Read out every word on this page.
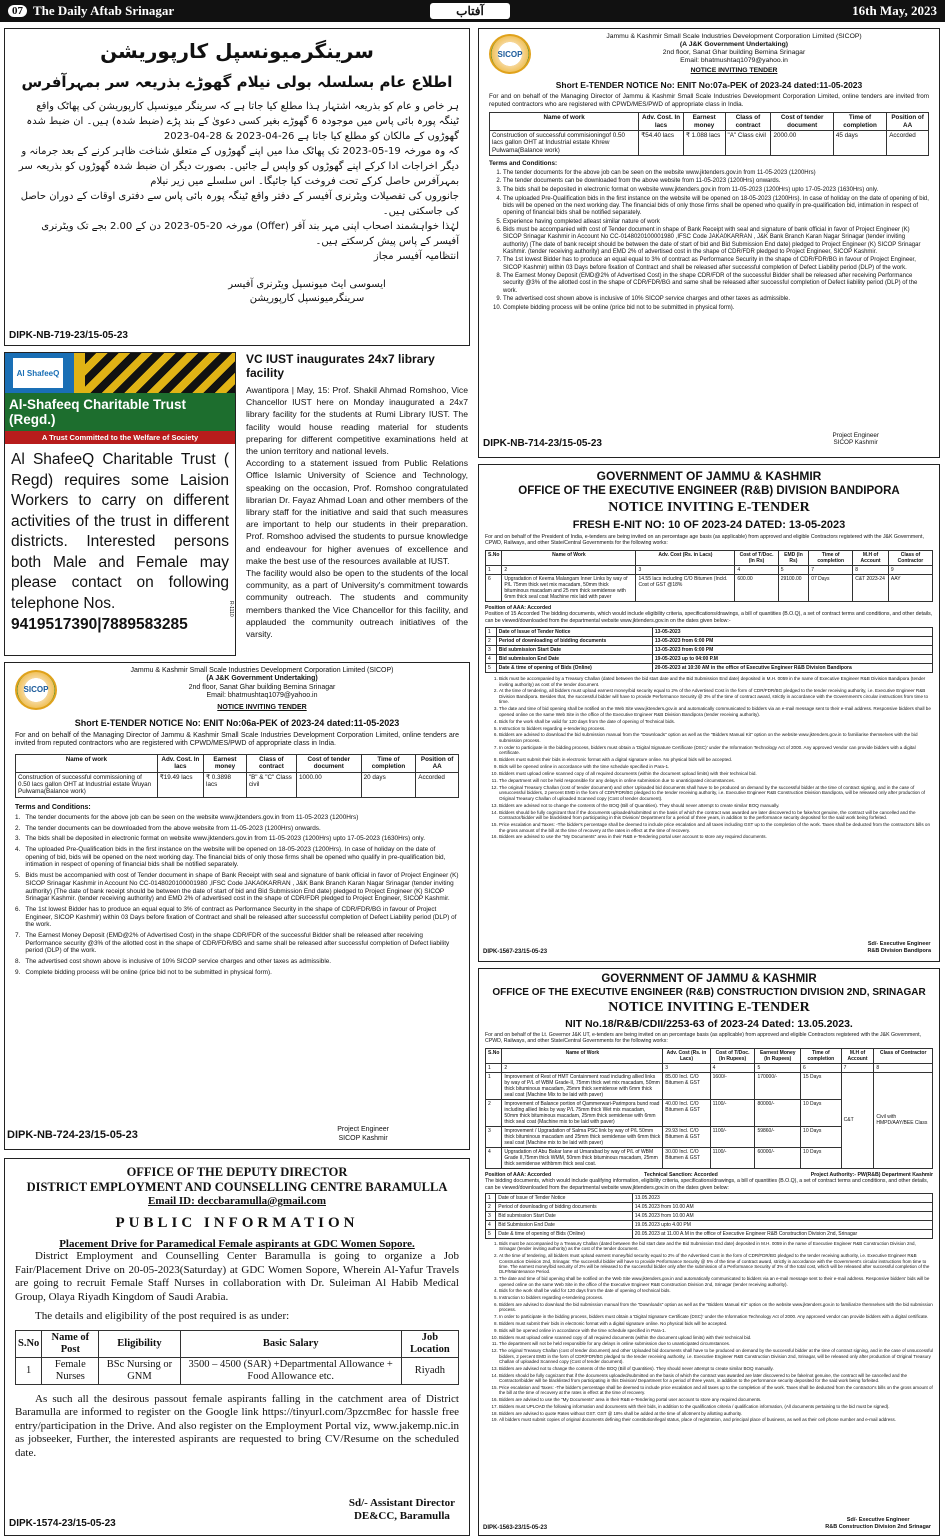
07 The Daily Aftab Srinagar	آفتاب	16th May, 2023
سرینگرمیونسپل کارپوریشن
اطلاع عام بسلسلہ بولی نیلام گھوڑے بذریعہ سر بمہرآفرس
ہر خاص و عام کو بذریعہ اشتہار ہذا مطلع کیا جاتا ہے کہ سرینگر میونسپل کارپوریشن کی پھاٹک واقع ٹینگہ پورہ بائی پاس میں موجودہ 6 گھوڑے بغیر کسی دعویٰ کے بند پڑے (ضبط شدہ) ہیں۔ ان ضبط شدہ گھوڑوں کے مالکان کو مطلع کیا جاتا ہے 26-04-2023 & 28-04-2023
کہ وہ مورخہ 19-05-2023 تک پھاٹک مذا میں اپنے گھوڑوں کے متعلق شناخت ظاہر کرنے کے بعد جرمانہ و دیگر اخراجات ادا کرکے اپنے گھوڑوں کو واپس لے جائیں۔ بصورت دیگر ان ضبط شدہ گھوڑوں کو بذریعہ سر بمہرآفرس حاصل کرکے تحت فروخت کیا جائیگا۔ اس سلسلے میں زیر نیلام
جانوروں کی تفصیلات ویٹرنری آفیسر کے دفتر واقع ٹینگہ پورہ بائی پاس سے دفتری اوقات کے دوران حاصل کی جاسکتی ہیں۔
لہٰذا خواہشمند اصحاب اپنی مہر بند آفر (Offer) مورخہ 20-05-2023 دن کے 2.00 بجے تک ویٹرنری آفیسر کے پاس پیش کرسکتے ہیں۔
انتظامیہ آفیسر مجاز
ایسوسی ایٹ میونسپل ویٹرنری آفیسر
سرینگرمیونسپل کارپوریشن
DIPK-NB-719-23/15-05-23
Al ShafeeQ
Al-Shafeeq Charitable Trust (Regd.)
A Trust Committed to the Welfare of Society
Al ShafeeQ Charitable Trust ( Regd) requires some Laision Workers to carry on different activities of the trust in different districts. Interested persons both Male and Female may please contact on following telephone Nos.
9419517390|7889583285
R-1110
VC IUST inaugurates 24x7 library facility
Awantipora | May, 15: Prof. Shakil Ahmad Romshoo, Vice Chancellor IUST here on Monday inaugurated a 24x7 library facility for the students at Rumi Library IUST. The facility would house reading material for students preparing for different competitive examinations held at the union territory and national levels.
According to a statement issued from Public Relations Office Islamic University of Science and Technology, speaking on the occasion, Prof. Romshoo congratulated librarian Dr. Fayaz Ahmad Loan and other members of the library staff for the initiative and said that such measures are important to help our students in their preparation. Prof. Romshoo advised the students to pursue knowledge and endeavour for higher avenues of excellence and make the best use of the resources available at IUST.
The facility would also be open to the students of the local community, as a part of University's commitment towards community outreach. The students and community members thanked the Vice Chancellor for this facility, and applauded the community outreach initiatives of the varsity.
SICOP
Jammu & Kashmir Small Scale Industries Development Corporation Limited (SICOP)
(A J&K Government Undertaking)
2nd floor, Sanat Ghar building Bemina Srinagar
Email: bhatmushtaq1079@yahoo.in
NOTICE INVITING TENDER
Short E-TENDER NOTICE No: ENIT No:07a-PEK of 2023-24 dated:11-05-2023
For and on behalf of the Managing Director of Jammu & Kashmir Small Scale Industries Development Corporation Limited, online tenders are invited from reputed contractors who are registered with CPWD/MES/PWD of appropriate class in India.
Name of work	Adv. Cost. In lacs	Earnest money	Class of contract	Cost of tender document	Time of completion	Position of AA
Construction of successful commisioningof 0.50 lacs gallon OHT at Industrial estate Khrew Pulwama(Balance work)	₹54.40 lacs	₹ 1.088 lacs	"A" Class civil	2000.00	45 days	Accorded
Terms and Conditions:
1. The tender documents for the above job can be seen on the website www.jktenders.gov.in from 11-05-2023 (1200Hrs)
2. The tender documents can be downloaded from the above website from 11-05-2023 (1200Hrs) onwards.
3. The bids shall be deposited in electronic format on website www.jktenders.gov.in from 11-05-2023 (1200Hrs) upto 17-05-2023 (1630Hrs) only.
4. The uploaded Pre-Qualification bids in the first instance on the website will be opened on 18-05-2023 (1200Hrs). In case of holiday on the date of opening of bid, bids will be opened on the next working day. The financial bids of only those firms shall be opened who qualify in pre-qualification bid, intimation in respect of opening of financial bids shall be notified separately.
5. Experience having completed atleast similar nature of work
6. Bids must be accompanied with cost of Tender document in shape of Bank Receipt with seal and signature of bank official in favor of Project Engineer (K) SICOP Srinagar Kashmir in Account No CC-0148020100001980 ,IFSC Code JAKA0KARRAN , J&K Bank Branch Karan Nagar Srinagar (tender inviting authority) (The date of bank receipt should be between the date of start of bid and Bid Submission End date) pledged to Project Engineer (K) SICOP Srinagar Kashmir. (tender receiving authority) and EMD 2% of advertised cost in the shape of CDR/FDR pledged to Project Engineer, SICOP Kashmir.
7. The 1st lowest Bidder has to produce an equal equal to 3% of contract as Performance Security in the shape of CDR/FDR/BG in favour of Project Engineer, SICOP Kashmir) within 03 Days before fixation of Contract and shall be released after successful completion of Defect Liability period (DLP) of the work.
8. The Earnest Money Deposit (EMD@2% of Advertised Cost) in the shape CDR/FDR of the successful Bidder shall be released after receiving Performance security @3% of the allotted cost in the shape of CDR/FDR/BG and same shall be released after successful completion of Defect liability period (DLP) of the work.
9. The advertised cost shown above is inclusive of 10% SICOP service charges and other taxes as admissible.
10. Complete bidding process will be online (price bid not to be submitted in physical form).
Project Engineer
SICOP Kashmir
DIPK-NB-714-23/15-05-23
GOVERNMENT OF JAMMU & KASHMIR
OFFICE OF THE EXECUTIVE ENGINEER (R&B) DIVISION BANDIPORA
NOTICE INVITING E-TENDER
FRESH E-NIT NO: 10 OF 2023-24 DATED: 13-05-2023
For and on behalf of the President of India, e-tenders are being invited on an percentage age basis (as applicable) from approved and eligible Contractors registered with the J&K Government, CPWD, Railways, and other State/Central Governments for the following works:
S.No	Name of Work	Adv. Cost (Rs. in Lacs)	Cost of T/Doc. (In Rs)	EMD (In Rs)	Time of completion	M.H of Account	Class of Contractor
1	2	3	4	5	7	8	9
6	Upgradation of Keema Malangam Inner Links by way of P/L 75mm thick wet mix macadam, 50mm thick bituminous macadam and 25 mm thick semidense with 6mm thick seal coat Machine mix laid with paver	14.55 lacs including C/O Bitumen (Incld. Cost of GST @18%	600.00	29100.00	07 Days	C&T 2023-24	AAY
Position of AAA: Accorded
Position of 15 Accorded The bidding documents, which would include eligibility criteria, specifications/drawings, a bill of quantities (B.O.Q), a set of contract terms and conditions, and other details, can be viewed/downloaded from the departmental website www.jktenders.gov.in on the dates given below:-
1	Date of Issue of Tender Notice	13-05-2023
2	Period of downloading of bidding documents	13-05-2023 from 6:00 PM
3	Bid submission Start Date	13-05-2023 from 6:00 PM
4	Bid submission End Date	19-05-2023 up to 04:00 P.M
5	Date & time of opening of Bids (Online)	20-05-2023 at 10:30 AM in the office of Executive Engineer R&B Division Bandipora
1. Bids must be accompanied by a Treasury Challan (dated between the bid start date and the Bid Submission End date) deposited in M.H. 0059 in the name of Executive Engineer R&B Division Bandipora (tender inviting authority) as cost of the tender document.
2. At the time of tendering, all bidders must upload earnest money/bid security equal to 2% of the Advertised Cost in the form of CDR/FDR/BG pledged to the tender receiving authority, i.e. Executive Engineer R&B Division Bandipora. Besides that, the successful bidder will have to provide Performance Security @ 3% of the time of contract award, strictly in accordance with the Government's circular instructions from time to time.
3. The date and time of bid opening shall be notified on the Web Site www.jktenders.gov.in and automatically communicated to bidders via an e-mail message sent to their e-mail address. Responsive bidders shall be opened online on the same Web Site in the office of the Executive Engineer R&B Division Bandipora (tender receiving authority).
4. Bids for the work shall be valid for 120 days from the date of opening of Technical bids.
5. Instruction to bidders regarding e-tendering process.
6. Bidders are advised to download the bid submission manual from the "Downloads" option as well as the "Bidders Manual Kit" option on the website www.jktenders.gov.in to familiarise themselves with the bid submission process.
7. In order to participate in the bidding process, bidders must obtain a 'Digital Signature Certificate (DSC)' under the Information Technology Act of 2000. Any approved Vendor can provide bidders with a digital certificate.
8. Bidders must submit their bids in electronic format with a digital signature online. No physical bids will be accepted.
9. Bids will be opened online in accordance with the time schedule specified in Para-1.
10. Bidders must upload online scanned copy of all required documents (within the document upload limits) with their technical bid.
11. The department will not be held responsible for any delays in online submission due to unanticipated circumstances.
12. The original Treasury Challan (cost of tender document) and other Uploaded bid documents shall have to be produced on demand by the successful bidder at the time of contract signing, and in the case of unsuccessful bidders, 2 percent EMD in the form of CDR/FDR/BG pledged to the tender receiving authority, i.e. Executive Engineer R&B Construction Division Bandipora, will be released only after production of Original Treasury Challan of uploaded Scanned copy (Cost of tender document).
13. Bidders are advised not to change the contents of the BOQ (Bill of Quantities). They should never attempt to create similar BOQ manually.
14. Bidders should be fully cognizant that if the documents uploaded/submitted on the basis of which the contract was awarded are later discovered to be fake/not genuine, the contract will be cancelled and the Contractor/bidder will be blacklisted from participating in this Division/ Department for a period of three years, in addition to the performance security deposited for the said work being forfeited.
15. Price escalation and Taxes: -The bidder's percentage shall be deemed to include price escalation and all taxes including GST up to the completion of the work. Taxes shall be deducted from the contractor's bills on the gross amount of the bill at the time of recovery at the rates in effect at the time of recovery.
16. Bidders are advised to use the "My Documents" area in their R&B e-Tendering portal user account to store any required documents.
Sd/- Executive Engineer
R&B Division Bandipora
DIPK-1567-23/15-05-23
SICOP
Jammu & Kashmir Small Scale Industries Development Corporation Limited (SICOP)
(A J&K Government Undertaking)
2nd floor, Sanat Ghar building Bemina Srinagar
Email: bhatmushtaq1079@yahoo.in
NOTICE INVITING TENDER
Short E-TENDER NOTICE No: ENIT No:06a-PEK of 2023-24 dated:11-05-2023
For and on behalf of the Managing Director of Jammu & Kashmir Small Scale Industries Development Corporation Limited, online tenders are invited from reputed contractors who are registered with CPWD/MES/PWD of appropriate class in India.
Name of work	Adv. Cost. In lacs	Earnest money	Class of contract	Cost of tender document	Time of completion	Position of AA
Construction of successful commissioning of 0.50 lacs gallon OHT at Industrial estate Wuyan Pulwama(Balance work)	₹19.49 lacs	₹ 0.3898 lacs	"B" & "C" Class civil	1000.00	20 days	Accorded
Terms and Conditions:
1. The tender documents for the above job can be seen on the website www.jktenders.gov.in from 11-05-2023 (1200Hrs)
2. The tender documents can be downloaded from the above website from 11-05-2023 (1200Hrs) onwards.
3. The bids shall be deposited in electronic format on website www.jktenders.gov.in from 11-05-2023 (1200Hrs) upto 17-05-2023 (1630Hrs) only.
4. The uploaded Pre-Qualification bids in the first instance on the website will be opened on 18-05-2023 (1200Hrs). In case of holiday on the date of opening of bid, bids will be opened on the next working day. The financial bids of only those firms shall be opened who qualify in pre-qualification bid, intimation in respect of opening of financial bids shall be notified separately.
5. Bids must be accompanied with cost of Tender document in shape of Bank Receipt with seal and signature of bank official in favor of Project Engineer (K) SICOP Srinagar Kashmir in Account No CC-0148020100001980 ,IFSC Code JAKA0KARRAN , J&K Bank Branch Karan Nagar Srinagar (tender inviting authority) (The date of bank receipt should be between the date of start of bid and Bid Submission End date) pledged to Project Engineer (K) SICOP Srinagar Kashmir. (tender receiving authority) and EMD 2% of advertised cost in the shape of CDR/FDR pledged to Project Engineer, SICOP Kashmir.
6. The 1st lowest Bidder has to produce an equal equal to 3% of contract as Performance Security in the shape of CDR/FDR/BG in favour of Project Engineer, SICOP Kashmir) within 03 Days before fixation of Contract and shall be released after successful completion of Defect Liability period (DLP) of the work.
7. The Earnest Money Deposit (EMD@2% of Advertised Cost) in the shape CDR/FDR of the successful Bidder shall be released after receiving Performance security @3% of the allotted cost in the shape of CDR/FDR/BG and same shall be released after successful completion of Defect liability period (DLP) of the work.
8. The advertised cost shown above is inclusive of 10% SICOP service charges and other taxes as admissible.
9. Complete bidding process will be online (price bid not to be submitted in physical form).
Project Engineer
SICOP Kashmir
DIPK-NB-724-23/15-05-23
OFFICE OF THE DEPUTY DIRECTOR
DISTRICT EMPLOYMENT AND COUNSELLING CENTRE BARAMULLA
Email ID: deccbaramulla@gmail.com
PUBLIC INFORMATION
Placement Drive for Paramedical Female aspirants at GDC Women Sopore.
District Employment and Counselling Center Baramulla is going to organize a Job Fair/Placement Drive on 20-05-2023(Saturday) at GDC Women Sopore, Wherein Al-Yafur Travels are going to recruit Female Staff Nurses in collaboration with Dr. Suleiman Al Habib Medical Group, Olaya Riyadh Kingdom of Saudi Arabia.
The details and eligibility of the post required is as under:
S.No	Name of Post	Eligibility	Basic Salary	Job Location
1	Female Nurses	BSc Nursing or GNM	3500 – 4500 (SAR) +Departmental Allowance + Food Allowance etc.	Riyadh
As such all the desirous passout female aspirants falling in the catchment area of District Baramulla are informed to register on the Google link https://tinyurl.com/3pzcm8ec for hassle free entry/participation in the Drive. And also register on the Employment Portal viz, www.jakemp.nic.in as jobseeker, Further, the interested aspirants are requested to bring CV/Resume on the scheduled date.
Sd/- Assistant Director
DE&CC, Baramulla
DIPK-1574-23/15-05-23
GOVERNMENT OF JAMMU & KASHMIR
OFFICE OF THE EXECUTIVE ENGINEER (R&B) CONSTRUCTION DIVISION 2ND, SRINAGAR
NOTICE INVITING E-TENDER
NIT No.18/R&B/CDII/2253-63 of 2023-24 Dated: 13.05.2023.
For and on behalf of the Lt. Governor J&K UT, e-tenders are being invited on an percentage basis (as applicable) from approved and eligible Contractors registered with the J&K Government, CPWD, Railways, and other State/Central Governments for the following works:
S.No	Name of Work	Adv. Cost (Rs. in Lacs)	Cost of T/Doc. (In Rupees)	Earnest Money (In Rupees)	Time of completion	M.H of Account	Class of Contractor
1	2	3	4	5	6	7	8
1	Improvement of Rest of HMT Containment road including allied links by way of P/L of WBM Grade-II, 75mm thick wet mix macadam, 50mm thick bituminous macadam, 25mm thick semidense with 6mm thick seal coat (Machine Mix to be laid with paver)	85.00 Incl. C/O Bitumen & GST	1600/-	170000/-	15 Days	C&T	Civil with HMPD/AAY/BEE Class
2	Improvement of Balance portion of Qammerwari-Parimpora bund road including allied links by way P/L 75mm thick Wet mix macadam, 50mm thick bituminous macadam, 25mm thick semidense with 6mm thick seal coat (Machine mix to be laid with paver)	40.00 Incl. C/O Bitumen & GST	1100/-	80000/-	10 Days		
3	Improvement / Upgradation of Salma PSC link by way of P/L 50mm thick bituminous macadam and 25mm thick semidense with 6mm thick seal coat (Machine mix to be laid with paver)	29.93 Incl. C/O Bitumen & GST	1100/-	59860/-	10 Days		
4	Upgradation of Abu Bakar lane at Umarabad by way of P/L of WBM Grade II,75mm thick WMM, 50mm thick bituminous macadam, 25mm thick semidense withbmm thick seal coat.	30.00 Incl. C/O Bitumen & GST	1100/-	60000/-	10 Days		
Position of AAA: Accorded	Technical Sanction: Accorded	Project Authority:- PW(R&B) Department Kashmir
The bidding documents, which would include qualifying information, eligibility criteria, specifications/drawings, a bill of quantities (B.O.Q), a set of contract terms and conditions, and other details, can be viewed/downloaded from the departmental website www.jktenders.gov.in on the dates given below:
1	Date of Issue of Tender Notice	13.05.2023
2	Period of downloading of bidding documents	14.05.2023 from 10.00 AM
3	Bid submission Start Date	14.05.2023 from 10.00 AM
4	Bid Submission End Date	19.05.2023 upto 4.00 PM
5	Date & time of opening of Bids (Online)	20.05.2023 at 11.00 A.M in the office of Executive Engineer R&B Construction Division 2nd, Srinagar
1. Bids must be accompanied by a Treasury Challan (dated between the bid start date and the Bid Submission End date) deposited in M.H. 0059 in the name of Executive Engineer R&B Construction Division 2nd, Srinagar (tender inviting authority) as the cost of the tender document.
2. At the time of tendering, all bidders must upload earnest money/bid security equal to 2% of the Advertised Cost in the form of CDR/FDR/BG pledged to the tender receiving authority, i.e. Executive Engineer R&B Construction Division 2nd, Srinagar. The successful bidder will have to provide Performance Security @ 5% of the time of contract award, strictly in accordance with the Government's circular instructions from time to time. The earnest money/bid security of 2% will be released to the successful bidder only after the submission of a Performance Security of 3% of the total cost, which will be released after successful completion of the DLP/Maintenance Period.
3. The date and time of bid opening shall be notified on the Web Site www.jktenders.gov.in and automatically communicated to bidders via an e-mail message sent to their e-mail address. Responsive bidders' bids will be opened online on the same Web Site in the office of the Executive Engineer R&B Construction Division 2nd, Srinagar (tender receiving authority).
4. Bids for the work shall be valid for 120 days from the date of opening of technical bids.
5. Instruction to bidders regarding e-tendering process.
6. Bidders are advised to download the bid submission manual from the "Downloads" option as well as the "Bidders Manual Kit" option on the website www.jktenders.gov.in to familiarize themselves with the bid submission process.
7. In order to participate in the bidding process, bidders must obtain a 'Digital Signature Certificate (DSC)' under the Information Technology Act of 2000. Any approved vendor can provide bidders with a digital certificate.
8. Bidders must submit their bids in electronic format with a digital signature online. No physical bids will be accepted.
9. Bids will be opened online in accordance with the time schedule specified in Para-1.
10. Bidders must upload online scanned copy of all required documents (within the document upload limits) with their technical bid.
11. The department will not be held responsible for any delays in online submission due to unanticipated circumstances.
12. The original Treasury Challan (cost of tender document) and other Uploaded bid documents shall have to be produced on demand by the successful bidder at the time of contract signing, and in the case of unsuccessful bidders, 2 percent EMD in the form of CDR/FDR/BG pledged to the tender receiving authority, i.e. Executive Engineer R&B Construction Division 2nd, Srinagar, will be released only after production of Original Treasury Challan of uploaded Scanned copy (Cost of tender document).
13. Bidders are advised not to change the contents of the BOQ (Bill of Quantities). They should never attempt to create similar BOQ manually.
14. Bidders should be fully cognizant that if the documents uploaded/submitted on the basis of which the contract was awarded are later discovered to be fake/not genuine, the contract will be cancelled and the Contractor/bidder will be blacklisted from participating in this Division/ Department for a period of three years, in addition to the performance security deposited for the said work being forfeited.
15. Price escalation and Taxes: -The bidder's percentage shall be deemed to include price escalation and all taxes up to the completion of the work. Taxes shall be deducted from the contractor's bills on the gross amount of the bill at the time of recovery at the rates in effect at the time of recovery.
16. Bidders are advised to use the "My Documents" area in their R&B e-Tendering portal user account to store any required documents.
17. Bidders must UPLOAD the following information and documents with their bids, in addition to the qualification criteria / qualification information, (All documents pertaining to the bid must be signed).
18. Bidders are advised to quote Rates without GST. GST @ 18% shall be added at the time of allotment by allotting authority.
19. All bidders must submit copies of original documents defining their constitution/legal status, place of registration, and principal place of business, as well as their cell phone number and e-mail address.
Sd/- Executive Engineer
R&B Construction Division 2nd Srinagar
DIPK-1563-23/15-05-23
